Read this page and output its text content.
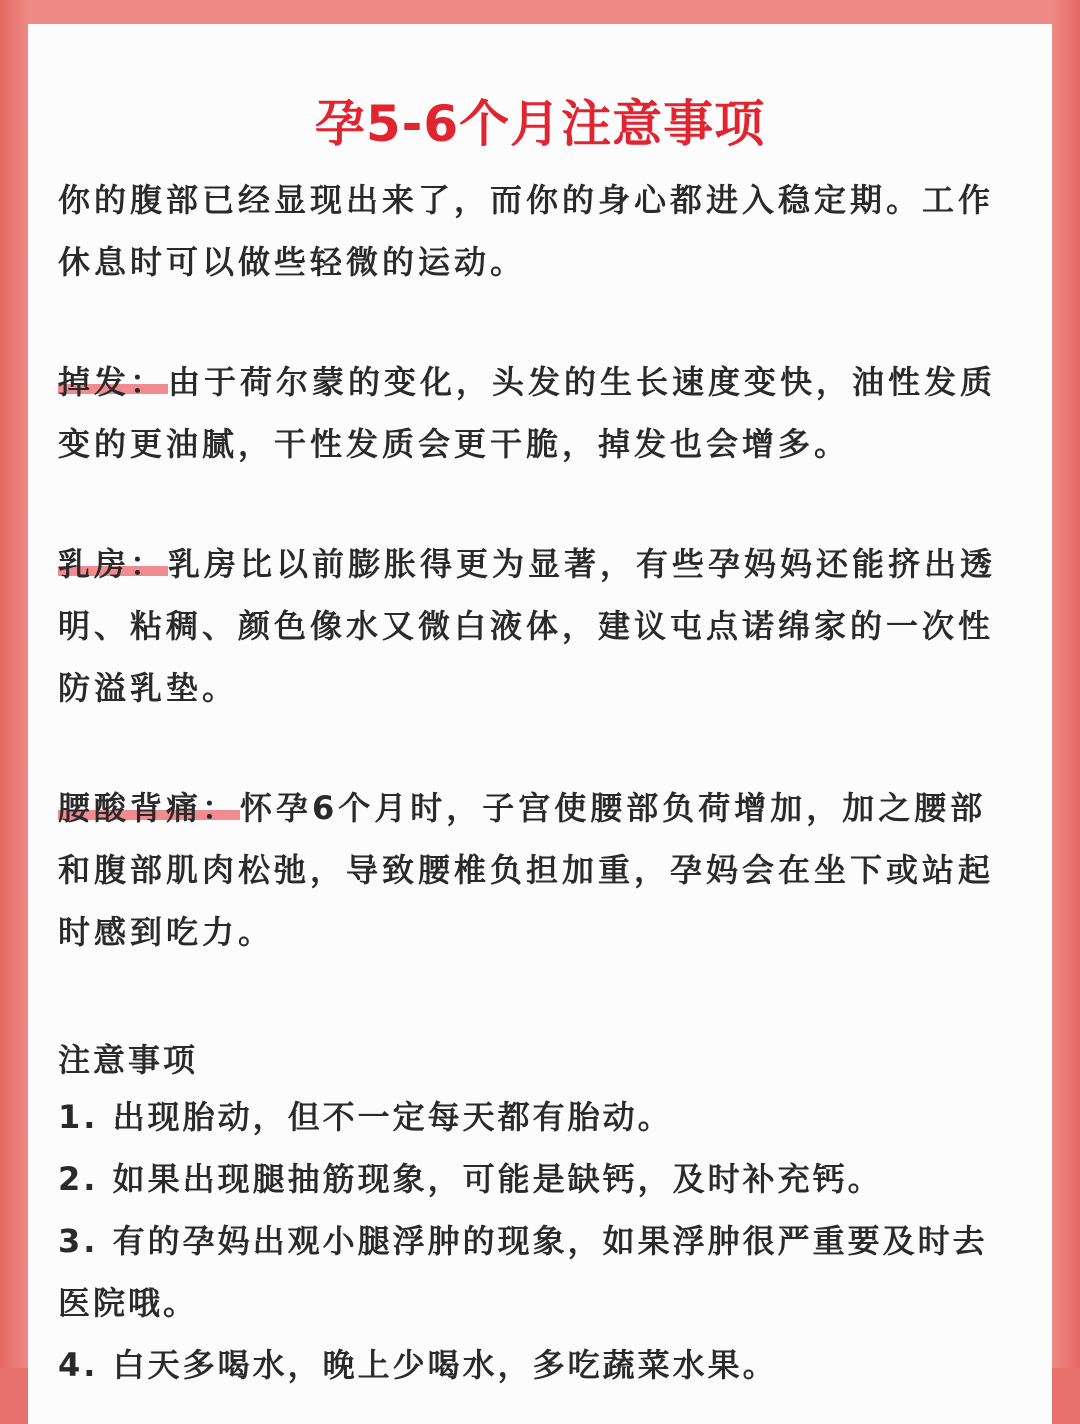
孕5-6个月注意事项
你的腹部已经显现出来了，而你的身心都进入稳定期。工作休息时可以做些轻微的运动。
掉发：由于荷尔蒙的变化，头发的生长速度变快，油性发质变的更油腻，干性发质会更干脆，掉发也会增多。
乳房：乳房比以前膨胀得更为显著，有些孕妈妈还能挤出透明、粘稠、颜色像水又微白液体，建议屯点诺绵家的一次性防溢乳垫。
腰酸背痛：怀孕6个月时，子宫使腰部负荷增加，加之腰部和腹部肌肉松弛，导致腰椎负担加重，孕妈会在坐下或站起时感到吃力。
注意事项
1. 出现胎动，但不一定每天都有胎动。
2. 如果出现腿抽筋现象，可能是缺钙，及时补充钙。
3. 有的孕妈出观小腿浮肿的现象，如果浮肿很严重要及时去医院哦。
4. 白天多喝水，晚上少喝水，多吃蔬菜水果。
